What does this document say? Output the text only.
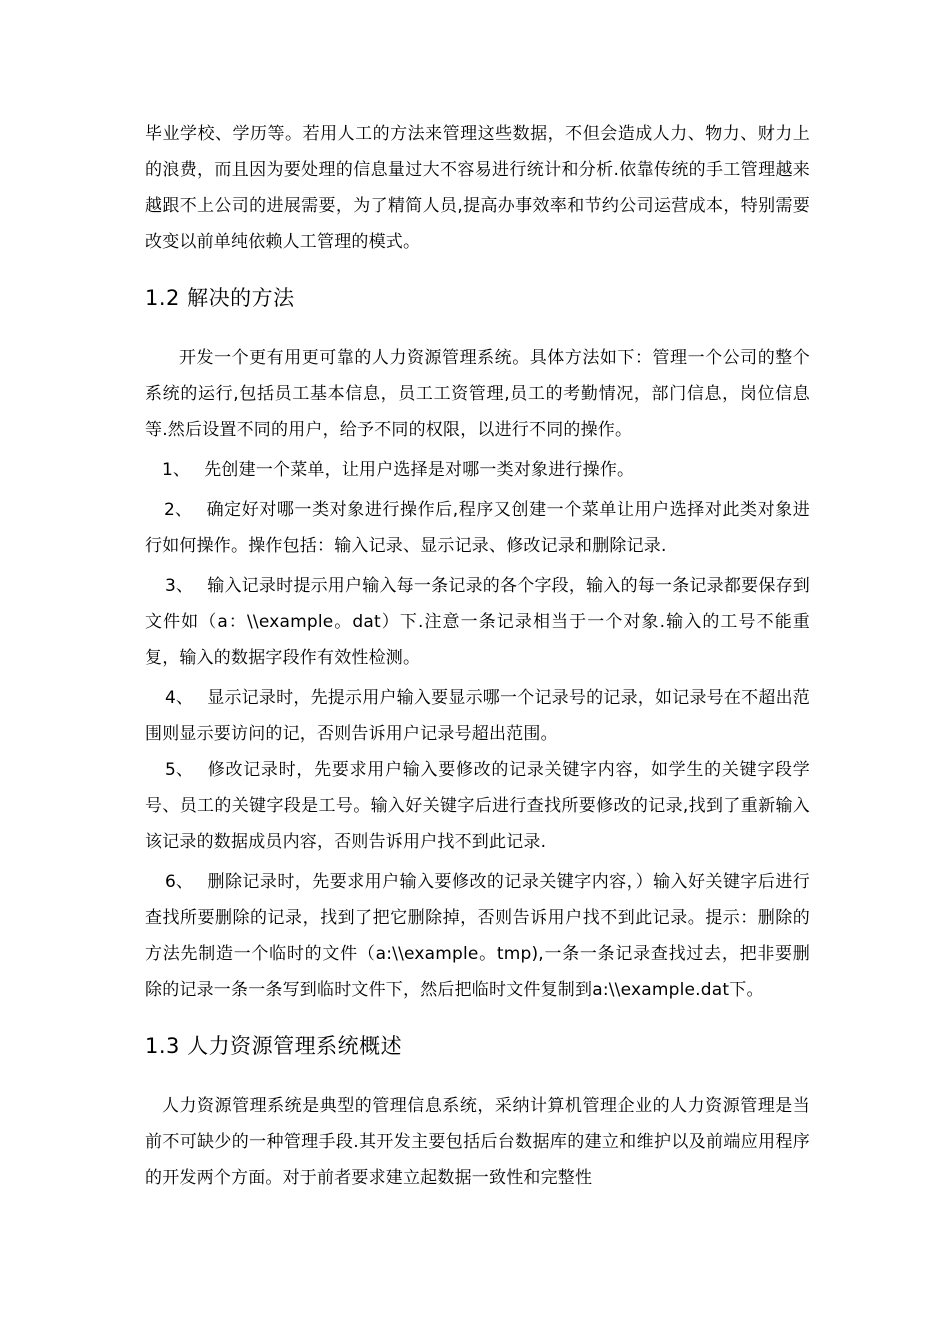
毕业学校、学历等。若用人工的方法来管理这些数据，不但会造成人力、物力、财力上的浪费，而且因为要处理的信息量过大不容易进行统计和分析.依靠传统的手工管理越来越跟不上公司的进展需要，为了精简人员,提高办事效率和节约公司运营成本，特别需要改变以前单纯依赖人工管理的模式。

1.2 解决的方法

开发一个更有用更可靠的人力资源管理系统。具体方法如下：管理一个公司的整个系统的运行,包括员工基本信息，员工工资管理,员工的考勤情况，部门信息，岗位信息等.然后设置不同的用户，给予不同的权限，以进行不同的操作。

1、 先创建一个菜单，让用户选择是对哪一类对象进行操作。

2、 确定好对哪一类对象进行操作后,程序又创建一个菜单让用户选择对此类对象进行如何操作。操作包括：输入记录、显示记录、修改记录和删除记录.

3、 输入记录时提示用户输入每一条记录的各个字段，输入的每一条记录都要保存到文件如（a：\\example。dat）下.注意一条记录相当于一个对象.输入的工号不能重复，输入的数据字段作有效性检测。

4、 显示记录时，先提示用户输入要显示哪一个记录号的记录，如记录号在不超出范围则显示要访问的记，否则告诉用户记录号超出范围。

5、 修改记录时，先要求用户输入要修改的记录关键字内容，如学生的关键字段学号、员工的关键字段是工号。输入好关键字后进行查找所要修改的记录,找到了重新输入该记录的数据成员内容，否则告诉用户找不到此记录.

6、 删除记录时，先要求用户输入要修改的记录关键字内容，）输入好关键字后进行查找所要删除的记录，找到了把它删除掉，否则告诉用户找不到此记录。提示：删除的方法先制造一个临时的文件（a:\\example。tmp),一条一条记录查找过去，把非要删除的记录一条一条写到临时文件下，然后把临时文件复制到a:\\example.dat下。

1.3 人力资源管理系统概述

人力资源管理系统是典型的管理信息系统，采纳计算机管理企业的人力资源管理是当前不可缺少的一种管理手段.其开发主要包括后台数据库的建立和维护以及前端应用程序的开发两个方面。对于前者要求建立起数据一致性和完整性
